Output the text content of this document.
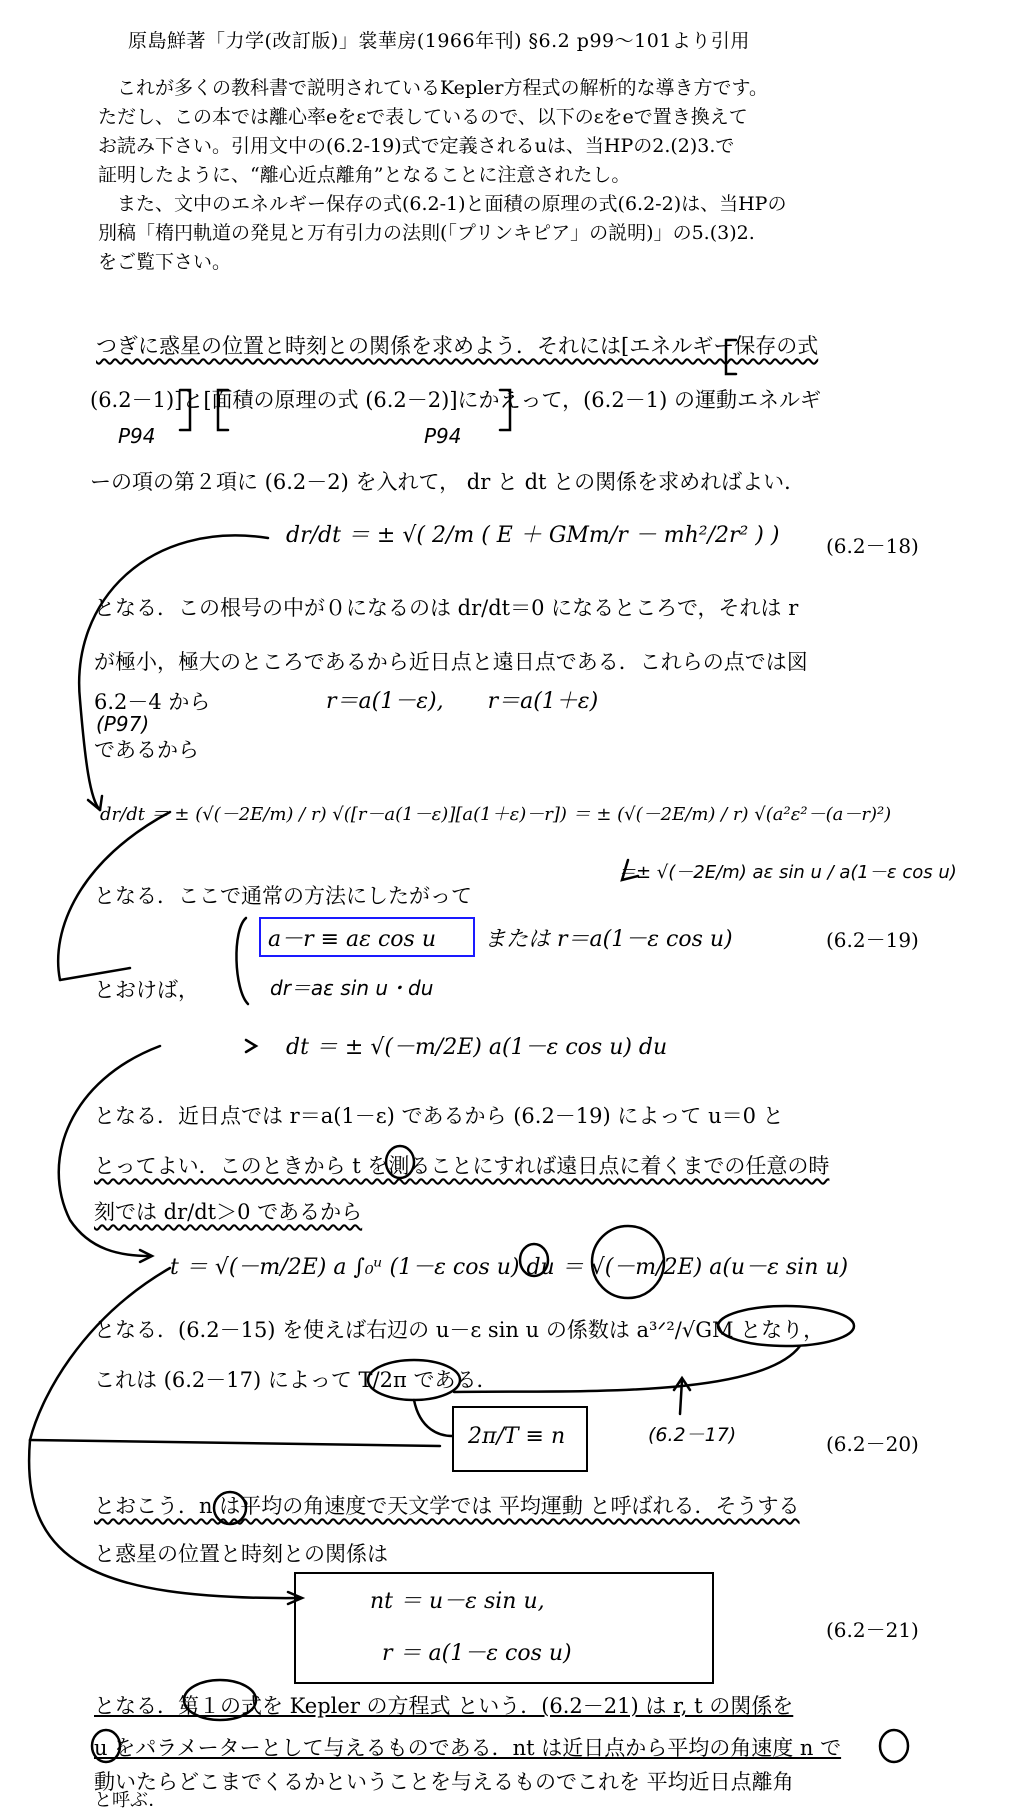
原島鮮著「力学(改訂版)」裳華房(1966年刊) §6.2 p99～101より引用

これが多くの教科書で説明されているKepler方程式の解析的な導き方です。

ただし、この本では離心率eをεで表しているので、以下のεをeで置き換えて

お読み下さい。引用文中の(6.2-19)式で定義されるuは、当HPの2.(2)3.で

証明したように、“離心近点離角”となることに注意されたし。

また、文中のエネルギー保存の式(6.2-1)と面積の原理の式(6.2-2)は、当HPの

別稿「楕円軌道の発見と万有引力の法則(「プリンキピア」の説明)」の5.(3)2.

をご覧下さい。

つぎに惑星の位置と時刻との関係を求めよう．それには[エネルギー保存の式
(6.2－1)]と[面積の原理の式 (6.2－2)]にかえって，(6.2－1) の運動エネルギ
P94	P94
ーの項の第２項に (6.2－2) を入れて， dr と dt との関係を求めればよい．
dr/dt ＝ ± √( 2/m ( E ＋ GMm/r － mh²/2r² ) ) (6.2－18)
となる．この根号の中が０になるのは dr/dt＝0 になるところで，それは r
が極小，極大のところであるから近日点と遠日点である．これらの点では図
6.2－4 から	r＝a(1－ε),　　r＝a(1＋ε)
(P97)
であるから
dr/dt ＝ ± (√(－2E/m) / r) √([r－a(1－ε)][a(1＋ε)－r]) ＝ ± (√(－2E/m) / r) √(a²ε²－(a－r)²)
＝± √(－2E/m) aε sin u / a(1－ε cos u)
となる．ここで通常の方法にしたがって
a－r ≡ aε cos u または r＝a(1－ε cos u)	(6.2－19)
dr＝aε sin u・du
とおけば，
dt ＝ ± √(－m/2E) a(1－ε cos u) du
となる．近日点では r＝a(1－ε) であるから (6.2－19) によって u＝0 と
とってよい．このときから t を測ることにすれば遠日点に着くまでの任意の時
刻では dr/dt＞0 であるから
t ＝ √(－m/2E) a ∫₀ᵘ (1－ε cos u) du ＝ √(－m/2E) a(u－ε sin u)
となる．(6.2－15) を使えば右辺の u－ε sin u の係数は a³ᐟ²/√GM となり，
これは (6.2－17) によって T/2π である．
2π/T ≡ n	(6.2－17)	(6.2－20)
とおこう．n は平均の角速度で天文学では 平均運動 と呼ばれる．そうする
と惑星の位置と時刻との関係は
nt ＝ u－ε sin u,
r ＝ a(1－ε cos u)
(6.2－21)
となる．第１の式を Kepler の方程式 という．(6.2－21) は r, t の関係を
u をパラメーターとして与えるものである．nt は近日点から平均の角速度 n で
動いたらどこまでくるかということを与えるものでこれを 平均近日点離角
と呼ぶ．
